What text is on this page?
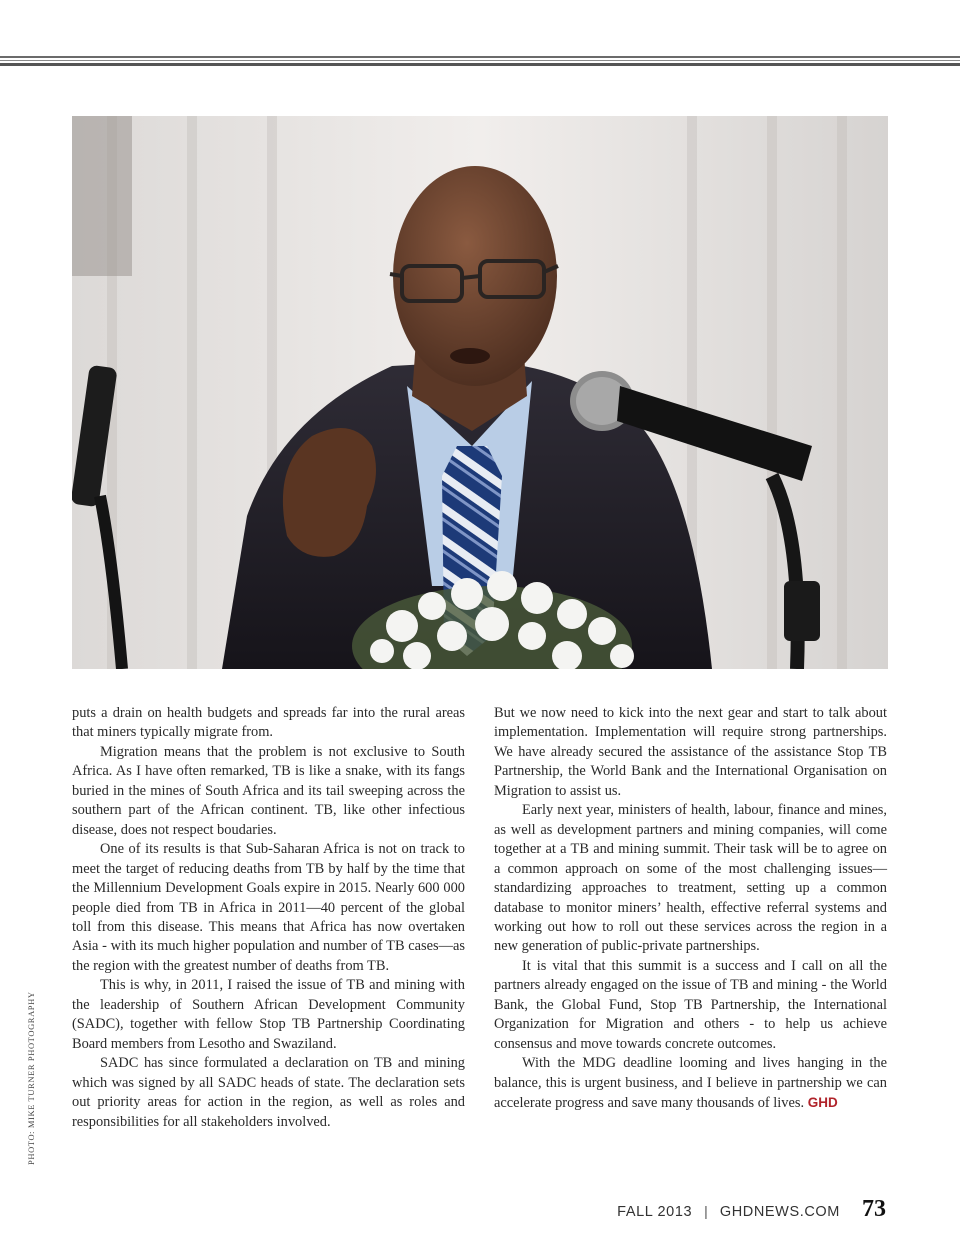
PHOTO: MIKE TURNER PHOTOGRAPHY

puts a drain on health budgets and spreads far into the rural areas that miners typically migrate from.

Migration means that the problem is not exclusive to South Africa. As I have often remarked, TB is like a snake, with its fangs buried in the mines of South Africa and its tail sweeping across the southern part of the African continent. TB, like other infectious disease, does not respect boudaries.

One of its results is that Sub-Saharan Africa is not on track to meet the target of reducing deaths from TB by half by the time that the Millennium Development Goals expire in 2015. Nearly 600 000 people died from TB in Africa in 2011—40 percent of the global toll from this disease. This means that Africa has now overtaken Asia - with its much higher population and number of TB cases—as the region with the greatest number of deaths from TB.

This is why, in 2011, I raised the issue of TB and mining with the leadership of Southern African Development Community (SADC), together with fellow Stop TB Partnership Coordinating Board members from Lesotho and Swaziland.

SADC has since formulated a declaration on TB and mining which was signed by all SADC heads of state. The declaration sets out priority areas for action in the region, as well as roles and responsibilities for all stakeholders involved.

But we now need to kick into the next gear and start to talk about implementation. Implementation will require strong partnerships. We have already secured the assistance of the assistance Stop TB Partnership, the World Bank and the International Organisation on Migration to assist us.

Early next year, ministers of health, labour, finance and mines, as well as development partners and mining companies, will come together at a TB and mining summit. Their task will be to agree on a common approach on some of the most challenging issues—standardizing approaches to treatment, setting up a common database to monitor miners’ health, effective referral systems and working out how to roll out these services across the region in a new generation of public-private partnerships.

It is vital that this summit is a success and I call on all the partners already engaged on the issue of TB and mining - the World Bank, the Global Fund, Stop TB Partnership, the International Organization for Migration and others - to help us achieve consensus and move towards concrete outcomes.

With the MDG deadline looming and lives hanging in the balance, this is urgent business, and I believe in partnership we can accelerate progress and save many thousands of lives. GHD

FALL 2013 | GHDNEWS.COM 73
